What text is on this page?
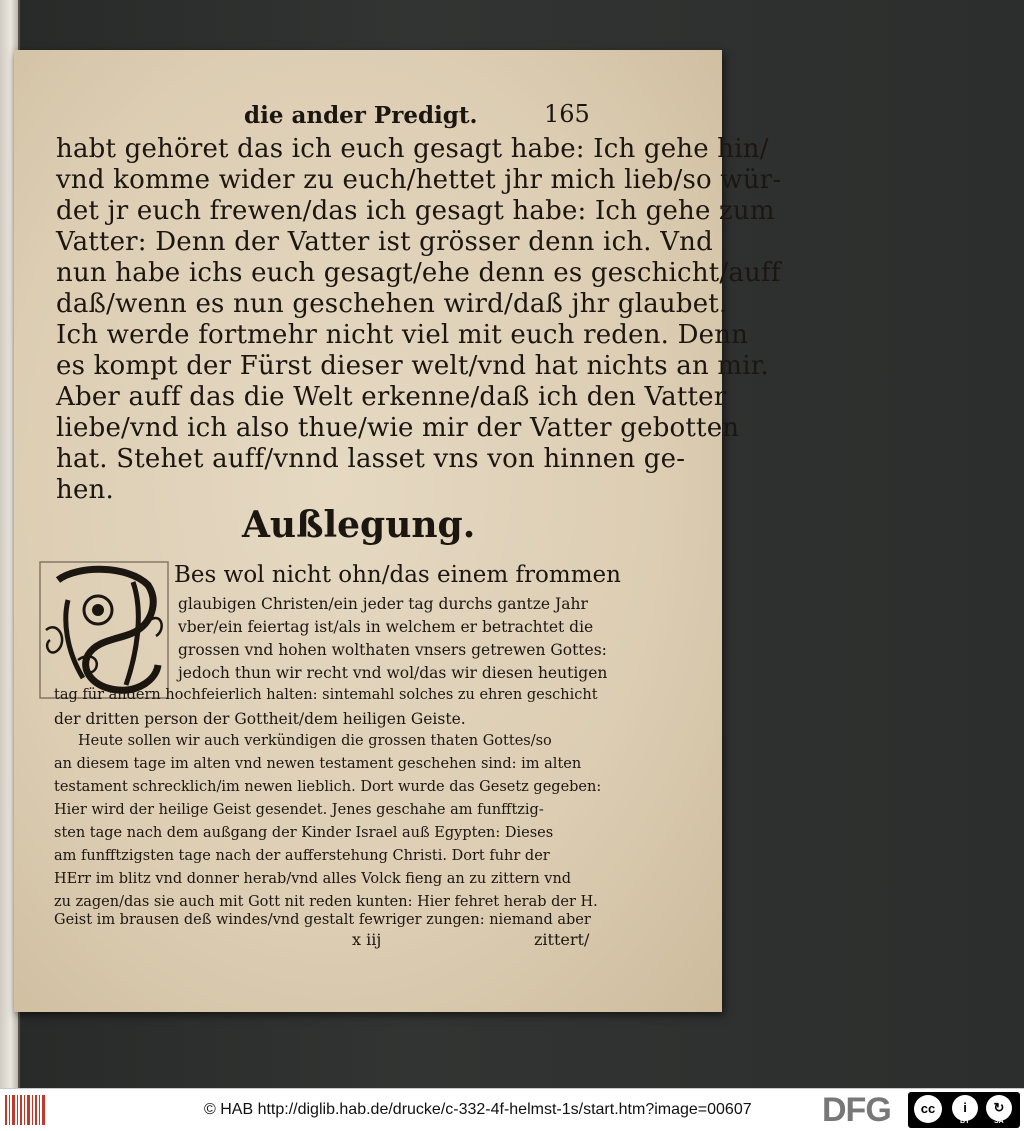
die ander Predigt.	165
habt gehöret das ich euch gesagt habe: Ich gehe hin/
vnd komme wider zu euch/hettet jhr mich lieb/so wür-
det jr euch frewen/das ich gesagt habe: Ich gehe zum
Vatter: Denn der Vatter ist grösser denn ich. Vnd
nun habe ichs euch gesagt/ehe denn es geschicht/auff
daß/wenn es nun geschehen wird/daß jhr glaubet.
Ich werde fortmehr nicht viel mit euch reden. Denn
es kompt der Fürst dieser welt/vnd hat nichts an mir.
Aber auff das die Welt erkenne/daß ich den Vatter
liebe/vnd ich also thue/wie mir der Vatter gebotten
hat. Stehet auff/vnnd lasset vns von hinnen ge-
hen.
Außlegung.
Bes wol nicht ohn/das einem frommen
glaubigen Christen/ein jeder tag durchs gantze Jahr
vber/ein feiertag ist/als in welchem er betrachtet die
grossen vnd hohen wolthaten vnsers getrewen Gottes:
jedoch thun wir recht vnd wol/das wir diesen heutigen
tag für andern hochfeierlich halten: sintemahl solches zu ehren geschicht
der dritten person der Gottheit/dem heiligen Geiste.
Heute sollen wir auch verkündigen die grossen thaten Gottes/so
an diesem tage im alten vnd newen testament geschehen sind: im alten
testament schrecklich/im newen lieblich. Dort wurde das Gesetz gegeben:
Hier wird der heilige Geist gesendet. Jenes geschahe am funfftzig-
sten tage nach dem außgang der Kinder Israel auß Egypten: Dieses
am funfftzigsten tage nach der aufferstehung Christi. Dort fuhr der
HErr im blitz vnd donner herab/vnd alles Volck fieng an zu zittern vnd
zu zagen/das sie auch mit Gott nit reden kunten: Hier fehret herab der H.
Geist im brausen deß windes/vnd gestalt fewriger zungen: niemand aber
x iij	zittert/
© HAB http://diglib.hab.de/drucke/c-332-4f-helmst-1s/start.htm?image=00607 DFG	cc	i	↻
BY	SA
